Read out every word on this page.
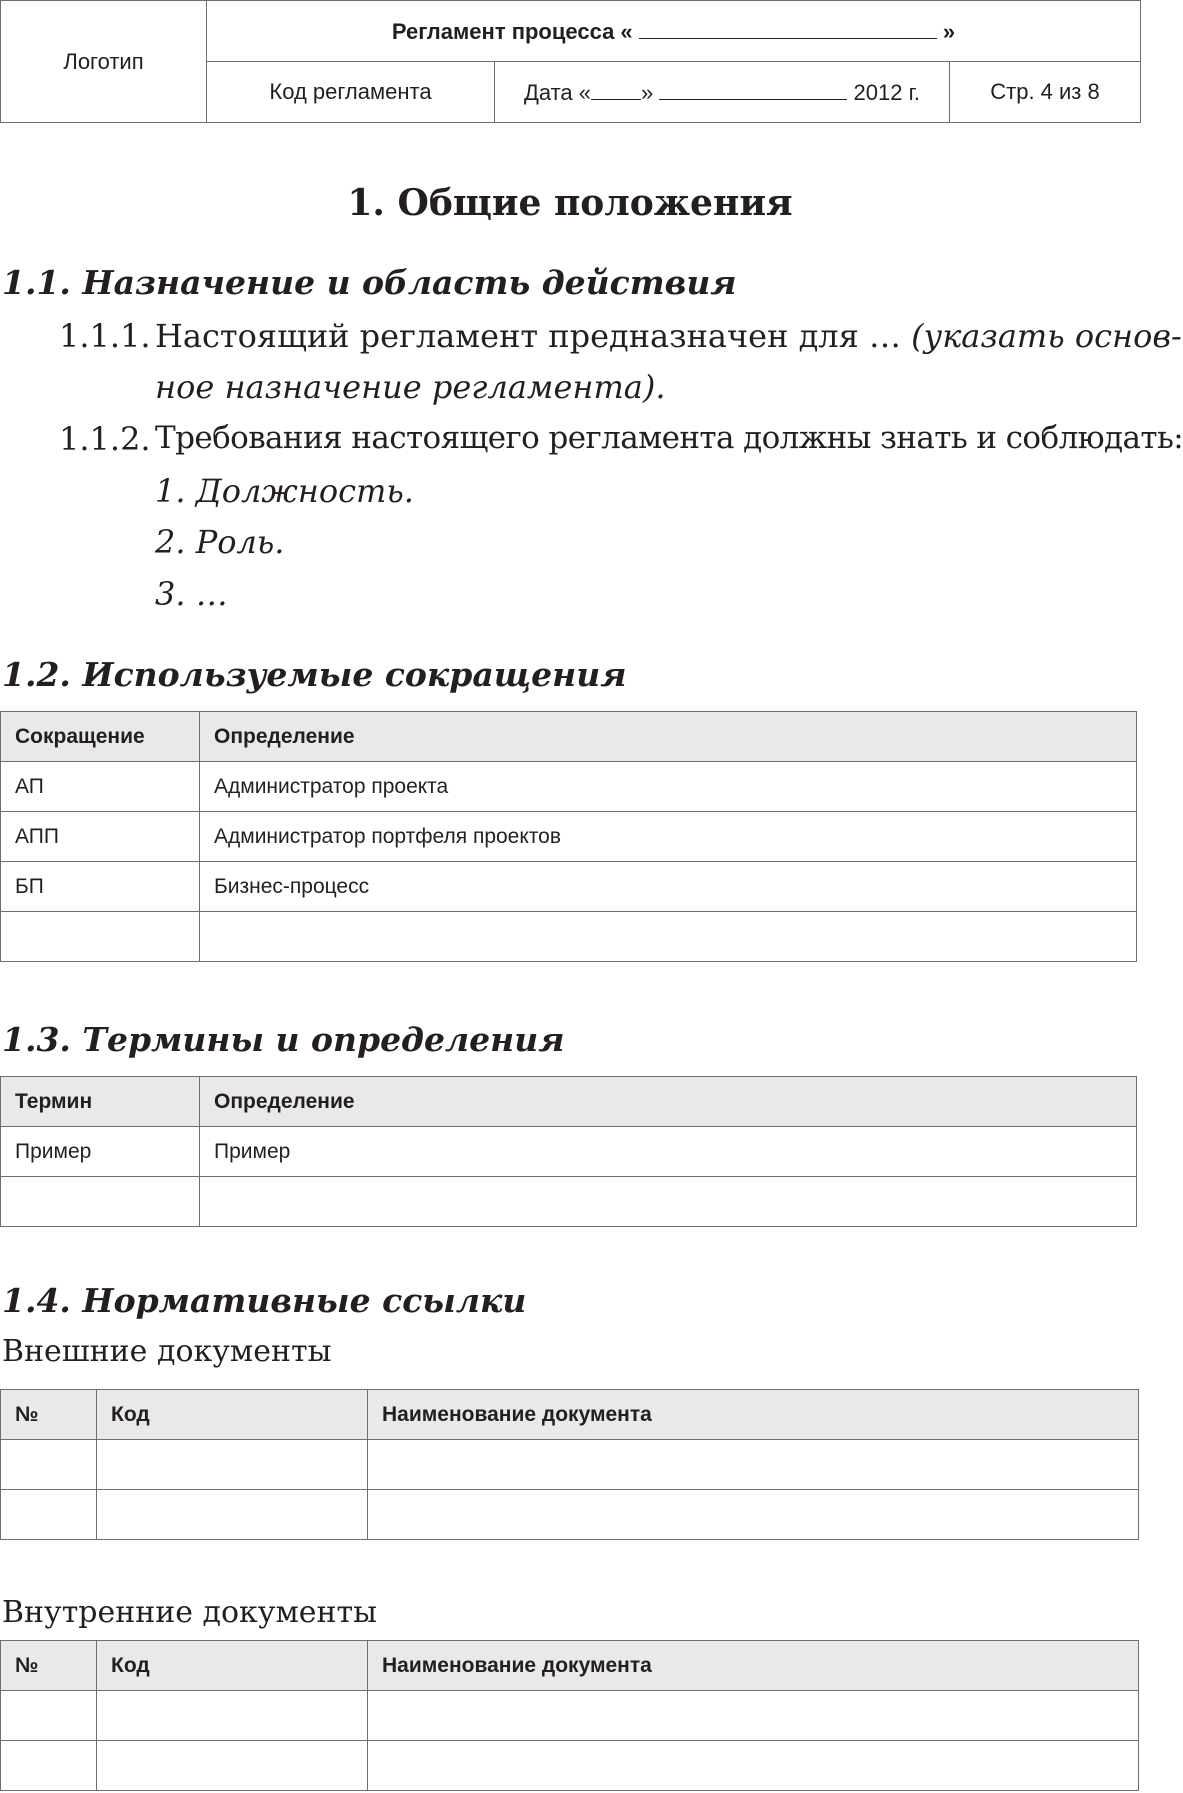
Логотип	Регламент процесса « »		
	Код регламента	Дата « » 2012 г.	Стр. 4 из 8
1. Общие положения
1.1. Назначение и область действия

1.1.1. Настоящий регламент предназначен для … (указать основ-

ное назначение регламента).

1.1.2. Требования настоящего регламента должны знать и соблюдать:

1. Должность.

2. Роль.

3. …

1.2. Используемые сокращения
Сокращение	Определение
АП	Администратор проекта
АПП	Администратор портфеля проектов
БП	Бизнес-процесс

1.3. Термины и определения
Термин	Определение
Пример	Пример

1.4. Нормативные ссылки

Внешние документы

№	Код	Наименование документа

Внутренние документы

№	Код	Наименование документа
